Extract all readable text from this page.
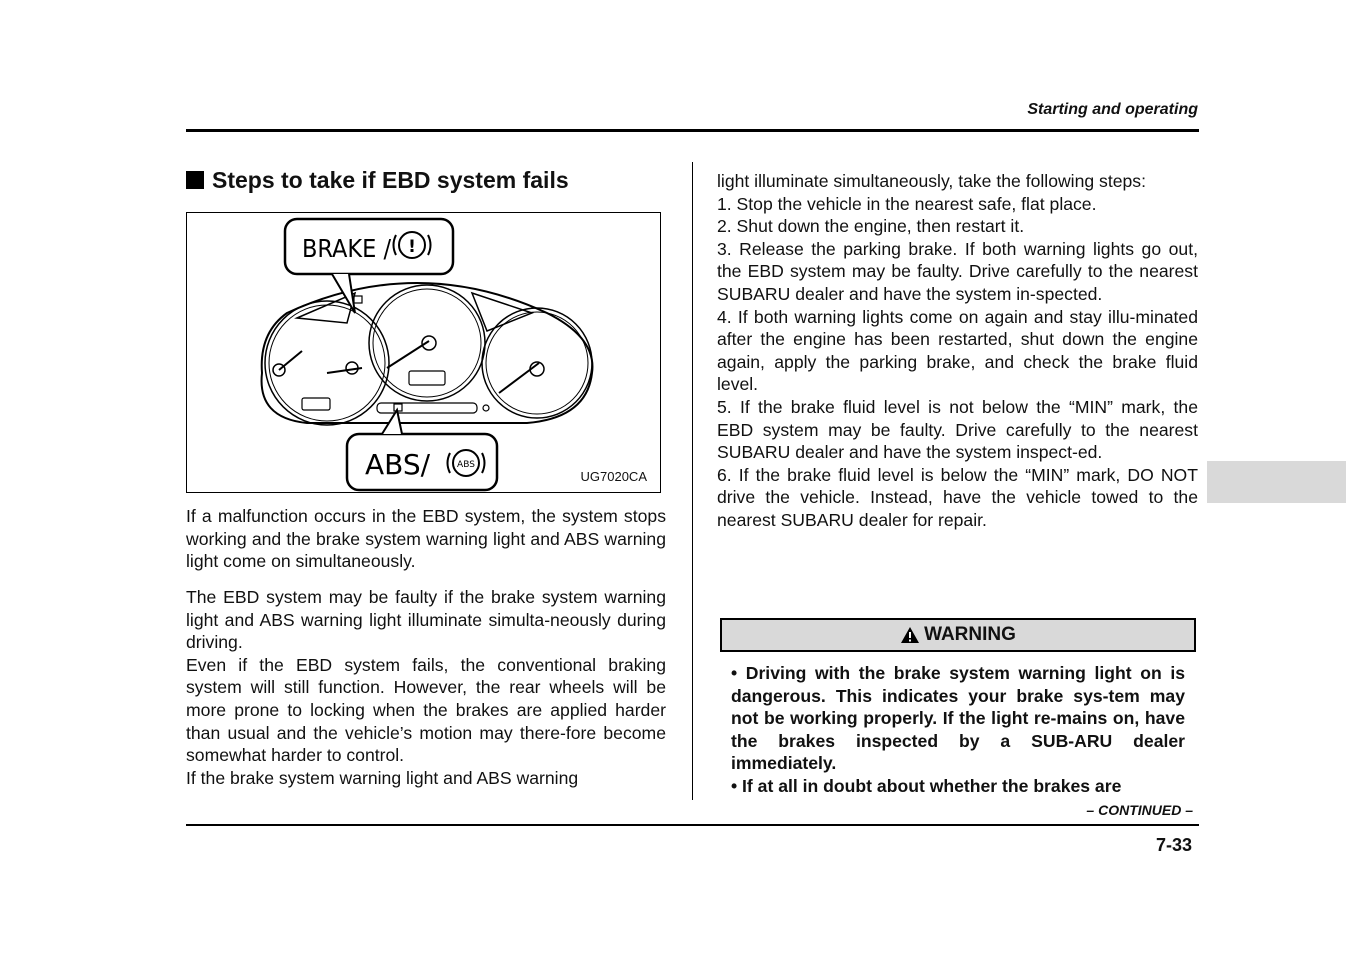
Starting and operating
Steps to take if EBD system fails
BRAKE / !
ABS/	ABS
UG7020CA

If a malfunction occurs in the EBD system, the system stops working and the brake system warning light and ABS warning light come on simultaneously.

The EBD system may be faulty if the brake system warning light and ABS warning light illuminate simulta-neously during driving.

Even if the EBD system fails, the conventional braking system will still function. However, the rear wheels will be more prone to locking when the brakes are applied harder than usual and the vehicle’s motion may there-fore become somewhat harder to control.

If the brake system warning light and ABS warning

light illuminate simultaneously, take the following steps:

1. Stop the vehicle in the nearest safe, flat place.

2. Shut down the engine, then restart it.

3. Release the parking brake. If both warning lights go out, the EBD system may be faulty. Drive carefully to the nearest SUBARU dealer and have the system in-spected.

4. If both warning lights come on again and stay illu-minated after the engine has been restarted, shut down the engine again, apply the parking brake, and check the brake fluid level.

5. If the brake fluid level is not below the “MIN” mark, the EBD system may be faulty. Drive carefully to the nearest SUBARU dealer and have the system inspect-ed.

6. If the brake fluid level is below the “MIN” mark, DO NOT drive the vehicle. Instead, have the vehicle towed to the nearest SUBARU dealer for repair.

WARNING

• Driving with the brake system warning light on is dangerous. This indicates your brake sys-tem may not be working properly. If the light re-mains on, have the brakes inspected by a SUB-ARU dealer immediately.

• If at all in doubt about whether the brakes are

– CONTINUED –
7-33
